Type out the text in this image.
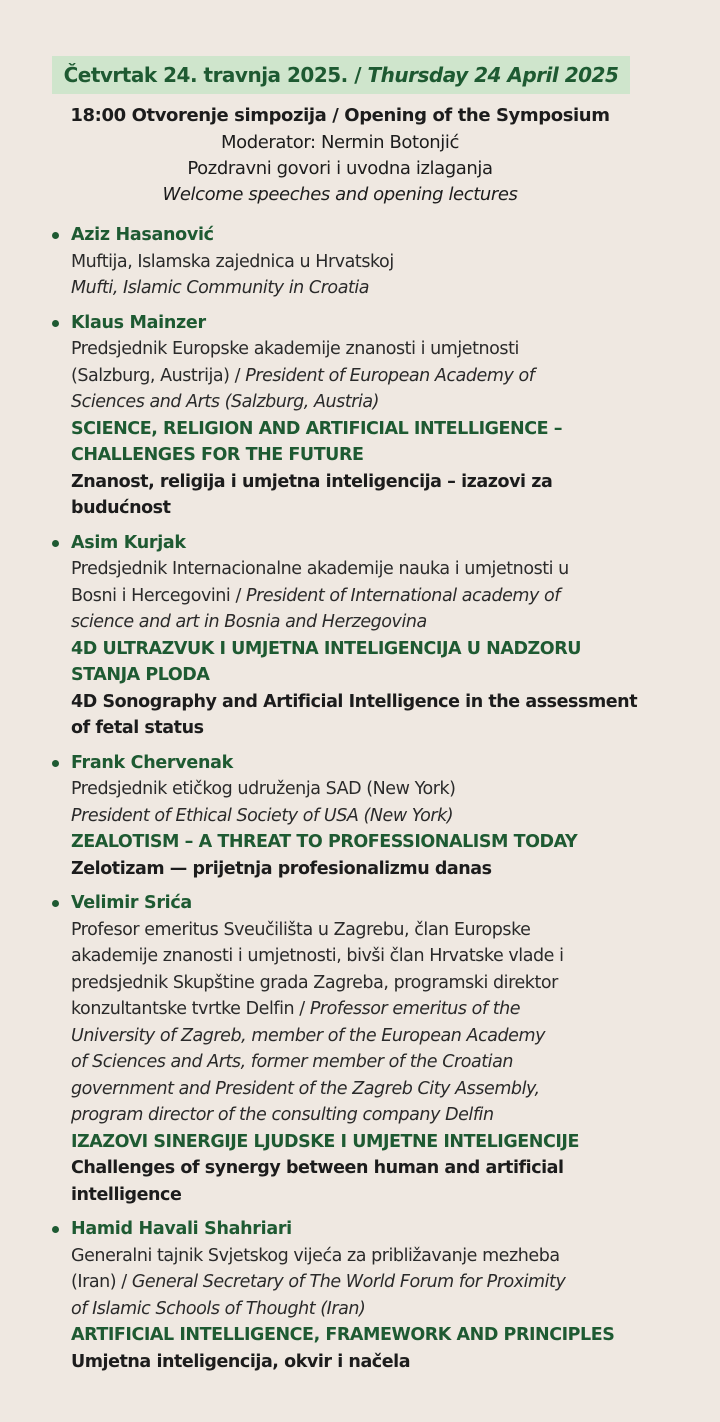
Četvrtak 24. travnja 2025. / Thursday 24 April 2025
18:00 Otvorenje simpozija / Opening of the Symposium
Moderator: Nermin Botonjić
Pozdravni govori i uvodna izlaganja
Welcome speeches and opening lectures
Aziz Hasanović
Muftija, Islamska zajednica u Hrvatskoj
Mufti, Islamic Community in Croatia
Klaus Mainzer
Predsjednik Europske akademije znanosti i umjetnosti
(Salzburg, Austrija) / President of European Academy of
Sciences and Arts (Salzburg, Austria)
SCIENCE, RELIGION AND ARTIFICIAL INTELLIGENCE –
CHALLENGES FOR THE FUTURE
Znanost, religija i umjetna inteligencija – izazovi za
budućnost
Asim Kurjak
Predsjednik Internacionalne akademije nauka i umjetnosti u
Bosni i Hercegovini / President of International academy of
science and art in Bosnia and Herzegovina
4D ULTRAZVUK I UMJETNA INTELIGENCIJA U NADZORU
STANJA PLODA
4D Sonography and Artificial Intelligence in the assessment
of fetal status
Frank Chervenak
Predsjednik etičkog udruženja SAD (New York)
President of Ethical Society of USA (New York)
ZEALOTISM – A THREAT TO PROFESSIONALISM TODAY
Zelotizam — prijetnja profesionalizmu danas
Velimir Srića
Profesor emeritus Sveučilišta u Zagrebu, član Europske
akademije znanosti i umjetnosti, bivši član Hrvatske vlade i
predsjednik Skupštine grada Zagreba, programski direktor
konzultantske tvrtke Delfin / Professor emeritus of the
University of Zagreb, member of the European Academy
of Sciences and Arts, former member of the Croatian
government and President of the Zagreb City Assembly,
program director of the consulting company Delfin
IZAZOVI SINERGIJE LJUDSKE I UMJETNE INTELIGENCIJE
Challenges of synergy between human and artificial
intelligence
Hamid Havali Shahriari
Generalni tajnik Svjetskog vijeća za približavanje mezheba
(Iran) / General Secretary of The World Forum for Proximity
of Islamic Schools of Thought (Iran)
ARTIFICIAL INTELLIGENCE, FRAMEWORK AND PRINCIPLES
Umjetna inteligencija, okvir i načela
